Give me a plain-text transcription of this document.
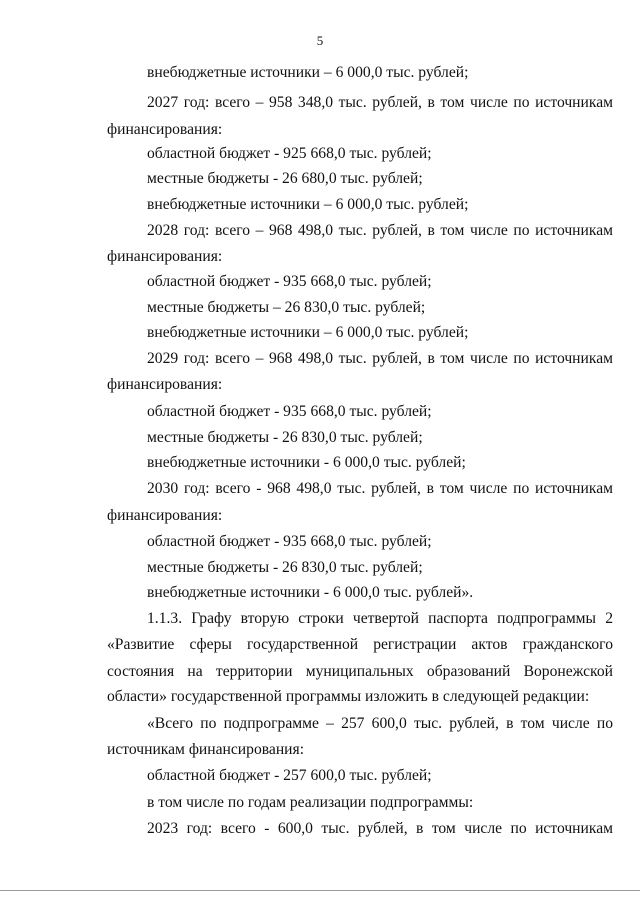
5
внебюджетные источники – 6 000,0 тыс. рублей;
2027 год: всего – 958 348,0 тыс. рублей, в том числе по источникам
финансирования:
областной бюджет - 925 668,0 тыс. рублей;
местные бюджеты - 26 680,0 тыс. рублей;
внебюджетные источники – 6 000,0 тыс. рублей;
2028 год: всего – 968 498,0 тыс. рублей, в том числе по источникам
финансирования:
областной бюджет - 935 668,0 тыс. рублей;
местные бюджеты – 26 830,0 тыс. рублей;
внебюджетные источники – 6 000,0 тыс. рублей;
2029 год: всего – 968 498,0 тыс. рублей, в том числе по источникам
финансирования:
областной бюджет - 935 668,0 тыс. рублей;
местные бюджеты - 26 830,0 тыс. рублей;
внебюджетные источники - 6 000,0 тыс. рублей;
2030 год: всего - 968 498,0 тыс. рублей, в том числе по источникам
финансирования:
областной бюджет - 935 668,0 тыс. рублей;
местные бюджеты - 26 830,0 тыс. рублей;
внебюджетные источники - 6 000,0 тыс. рублей».
1.1.3. Графу вторую строки четвертой паспорта подпрограммы 2
«Развитие сферы государственной регистрации актов гражданского
состояния на территории муниципальных образований Воронежской
области» государственной программы изложить в следующей редакции:
«Всего по подпрограмме – 257 600,0 тыс. рублей, в том числе по
источникам финансирования:
областной бюджет - 257 600,0 тыс. рублей;
в том числе по годам реализации подпрограммы:
2023 год: всего - 600,0 тыс. рублей, в том числе по источникам
